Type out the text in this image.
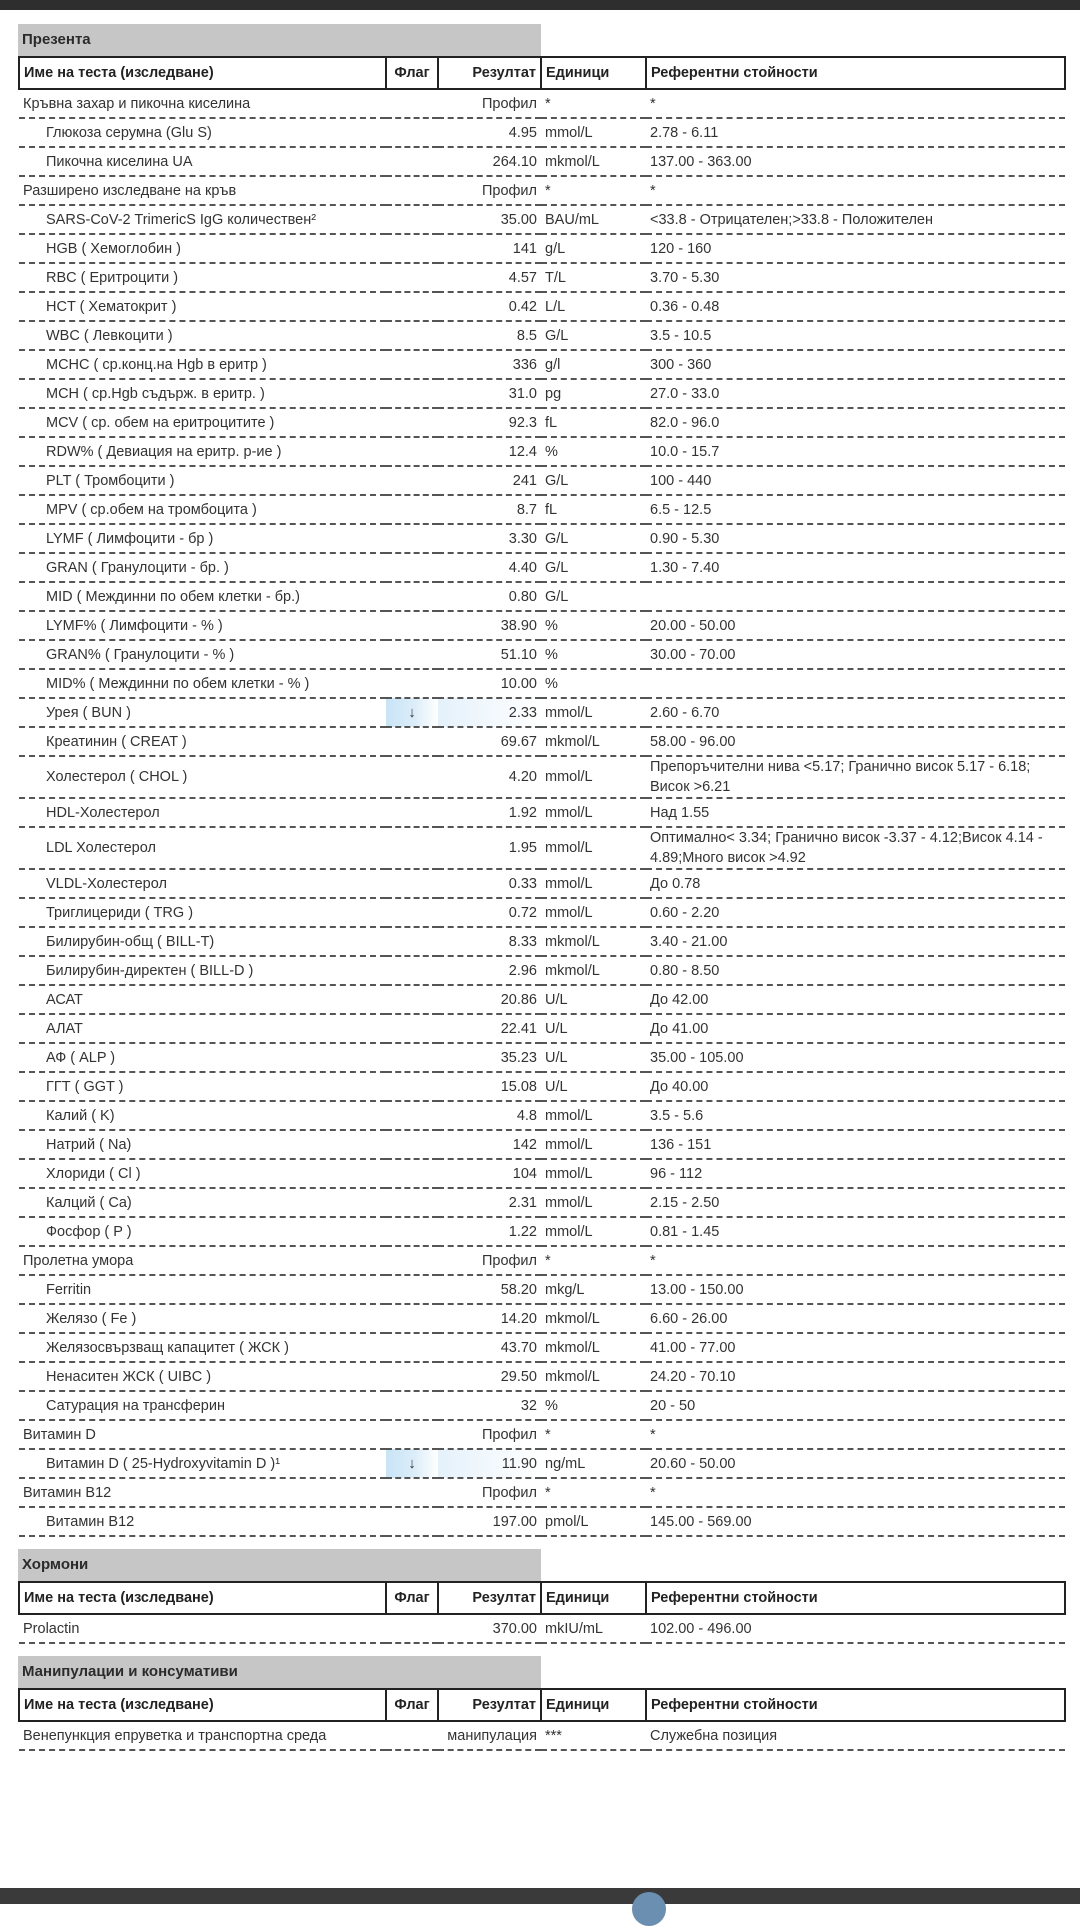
Презента
Име на теста (изследване)	Флаг	Резултат	Единици	Референтни стойности
Кръвна захар и пикочна киселина		Профил	*	*
Глюкоза серумна (Glu S)		4.95	mmol/L	2.78 - 6.11
Пикочна киселина UA		264.10	mkmol/L	137.00 - 363.00
Разширено изследване на кръв		Профил	*	*
SARS-CoV-2 TrimericS IgG количествен²		35.00	BAU/mL	<33.8 - Отрицателен;>33.8 - Положителен
HGB ( Хемоглобин )		141	g/L	120 - 160
RBC ( Еритроцити )		4.57	T/L	3.70 - 5.30
HCT ( Хематокрит )		0.42	L/L	0.36 - 0.48
WBC ( Левкоцити )		8.5	G/L	3.5 - 10.5
MCHC ( ср.конц.на Hgb в еритр )		336	g/l	300 - 360
MCH ( ср.Hgb съдърж. в еритр. )		31.0	pg	27.0 - 33.0
MCV ( ср. обем на еритроцитите )		92.3	fL	82.0 - 96.0
RDW% ( Девиация на еритр. р-ие )		12.4	%	10.0 - 15.7
PLT ( Тромбоцити )		241	G/L	100 - 440
MPV ( ср.обем на тромбоцита )		8.7	fL	6.5 - 12.5
LYMF ( Лимфоцити - бр )		3.30	G/L	0.90 - 5.30
GRAN ( Гранулоцити - бр. )		4.40	G/L	1.30 - 7.40
MID ( Междинни по обем клетки - бр.)		0.80	G/L	
LYMF% ( Лимфоцити - % )		38.90	%	20.00 - 50.00
GRAN% ( Гранулоцити - % )		51.10	%	30.00 - 70.00
MID% ( Междинни по обем клетки - % )		10.00	%	
Урея ( BUN )	↓	2.33	mmol/L	2.60 - 6.70
Креатинин ( CREAT )		69.67	mkmol/L	58.00 - 96.00
Холестерол ( CHOL )		4.20	mmol/L	Препоръчителни нива <5.17; Гранично висок 5.17 - 6.18; Висок >6.21
HDL-Холестерол		1.92	mmol/L	Над 1.55
LDL Холестерол		1.95	mmol/L	Оптимално< 3.34; Гранично висок -3.37 - 4.12;Висок 4.14 - 4.89;Много висок >4.92
VLDL-Холестерол		0.33	mmol/L	До 0.78
Триглицериди ( TRG )		0.72	mmol/L	0.60 - 2.20
Билирубин-общ ( BILL-T)		8.33	mkmol/L	3.40 - 21.00
Билирубин-директен ( BILL-D )		2.96	mkmol/L	0.80 - 8.50
АСАТ		20.86	U/L	До 42.00
АЛАТ		22.41	U/L	До 41.00
АФ ( ALP )		35.23	U/L	35.00 - 105.00
ГГТ ( GGT )		15.08	U/L	До 40.00
Калий ( K)		4.8	mmol/L	3.5 - 5.6
Натрий ( Na)		142	mmol/L	136 - 151
Хлориди ( Cl )		104	mmol/L	96 - 112
Калций ( Ca)		2.31	mmol/L	2.15 - 2.50
Фосфор ( P )		1.22	mmol/L	0.81 - 1.45
Пролетна умора		Профил	*	*
Ferritin		58.20	mkg/L	13.00 - 150.00
Желязо ( Fe )		14.20	mkmol/L	6.60 - 26.00
Желязосвързващ капацитет ( ЖСК )		43.70	mkmol/L	41.00 - 77.00
Ненаситен ЖСК ( UIBC )		29.50	mkmol/L	24.20 - 70.10
Сатурация на трансферин		32	%	20 - 50
Витамин D		Профил	*	*
Витамин D ( 25-Hydroxyvitamin D )¹	↓	11.90	ng/mL	20.60 - 50.00
Витамин B12		Профил	*	*
Витамин B12		197.00	pmol/L	145.00 - 569.00
Хормони
Име на теста (изследване)	Флаг	Резултат	Единици	Референтни стойности
Prolactin		370.00	mkIU/mL	102.00 - 496.00
Манипулации и консумативи
Име на теста (изследване)	Флаг	Резултат	Единици	Референтни стойности
Венепункция епруветка и транспортна среда		манипулация	***	Служебна позиция
